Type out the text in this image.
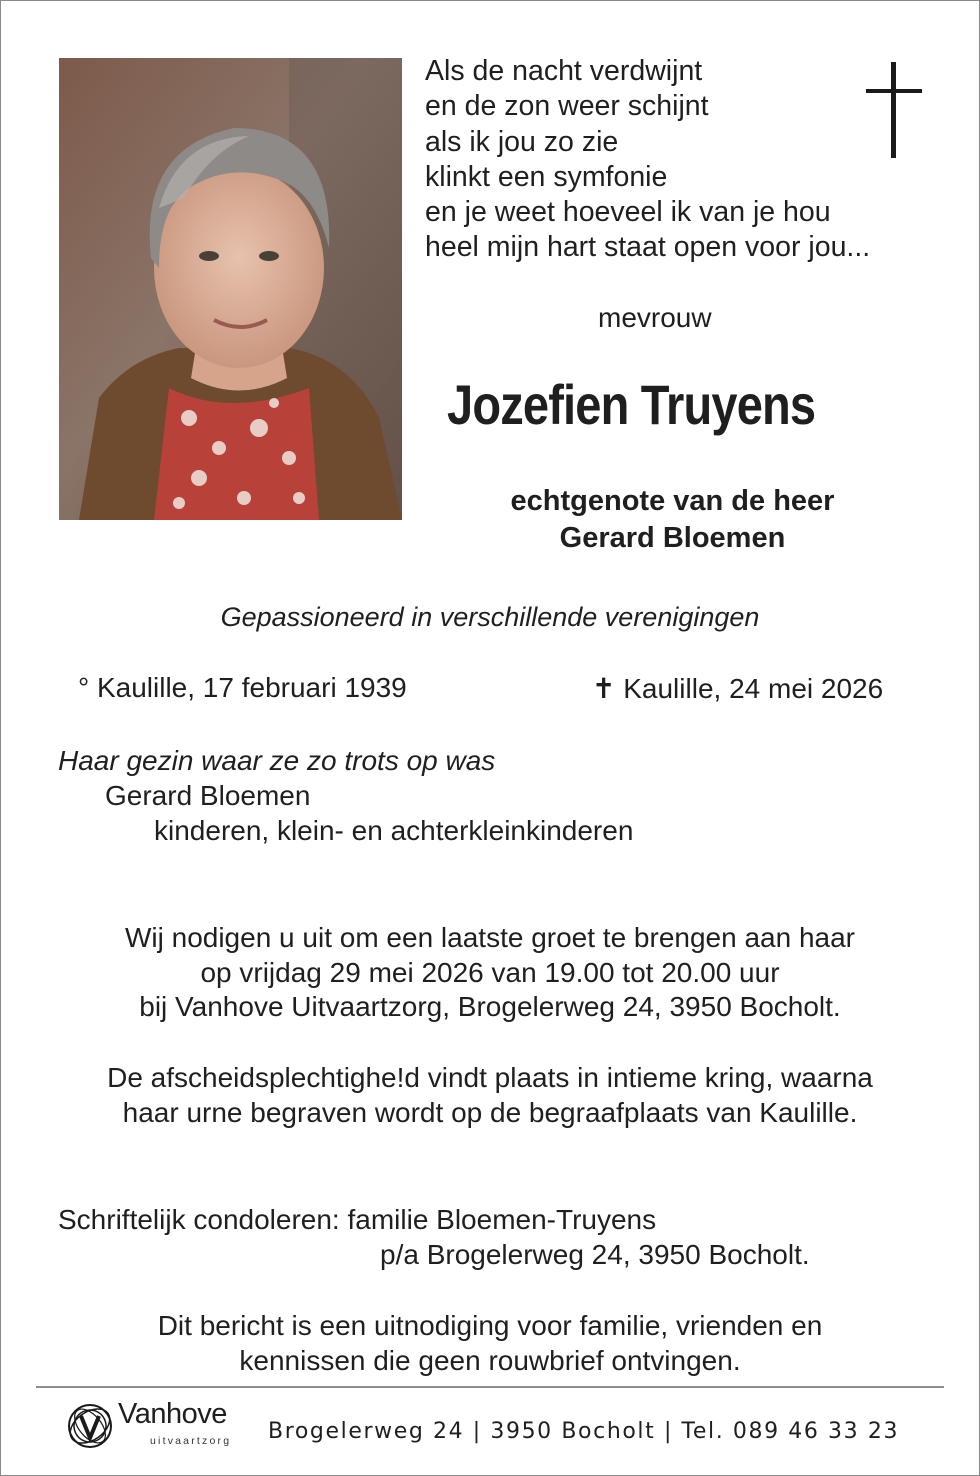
Als de nacht verdwijnt
en de zon weer schijnt
als ik jou zo zie
klinkt een symfonie
en je weet hoeveel ik van je hou
heel mijn hart staat open voor jou...
mevrouw
Jozefien Truyens
echtgenote van de heer
Gerard Bloemen
Gepassioneerd in verschillende verenigingen
° Kaulille, 17 februari 1939	✝ Kaulille, 24 mei 2026
Haar gezin waar ze zo trots op was
Gerard Bloemen
kinderen, klein- en achterkleinkinderen
Wij nodigen u uit om een laatste groet te brengen aan haar
op vrijdag 29 mei 2026 van 19.00 tot 20.00 uur
bij Vanhove Uitvaartzorg, Brogelerweg 24, 3950 Bocholt.
De afscheidsplechtighe!d vindt plaats in intieme kring, waarna
haar urne begraven wordt op de begraafplaats van Kaulille.
Schriftelijk condoleren: familie Bloemen-Truyens
p/a Brogelerweg 24, 3950 Bocholt.
Dit bericht is een uitnodiging voor familie, vrienden en
kennissen die geen rouwbrief ontvingen.
Vanhove
uitvaartzorg Brogelerweg 24 | 3950 Bocholt | Tel. 089 46 33 23
